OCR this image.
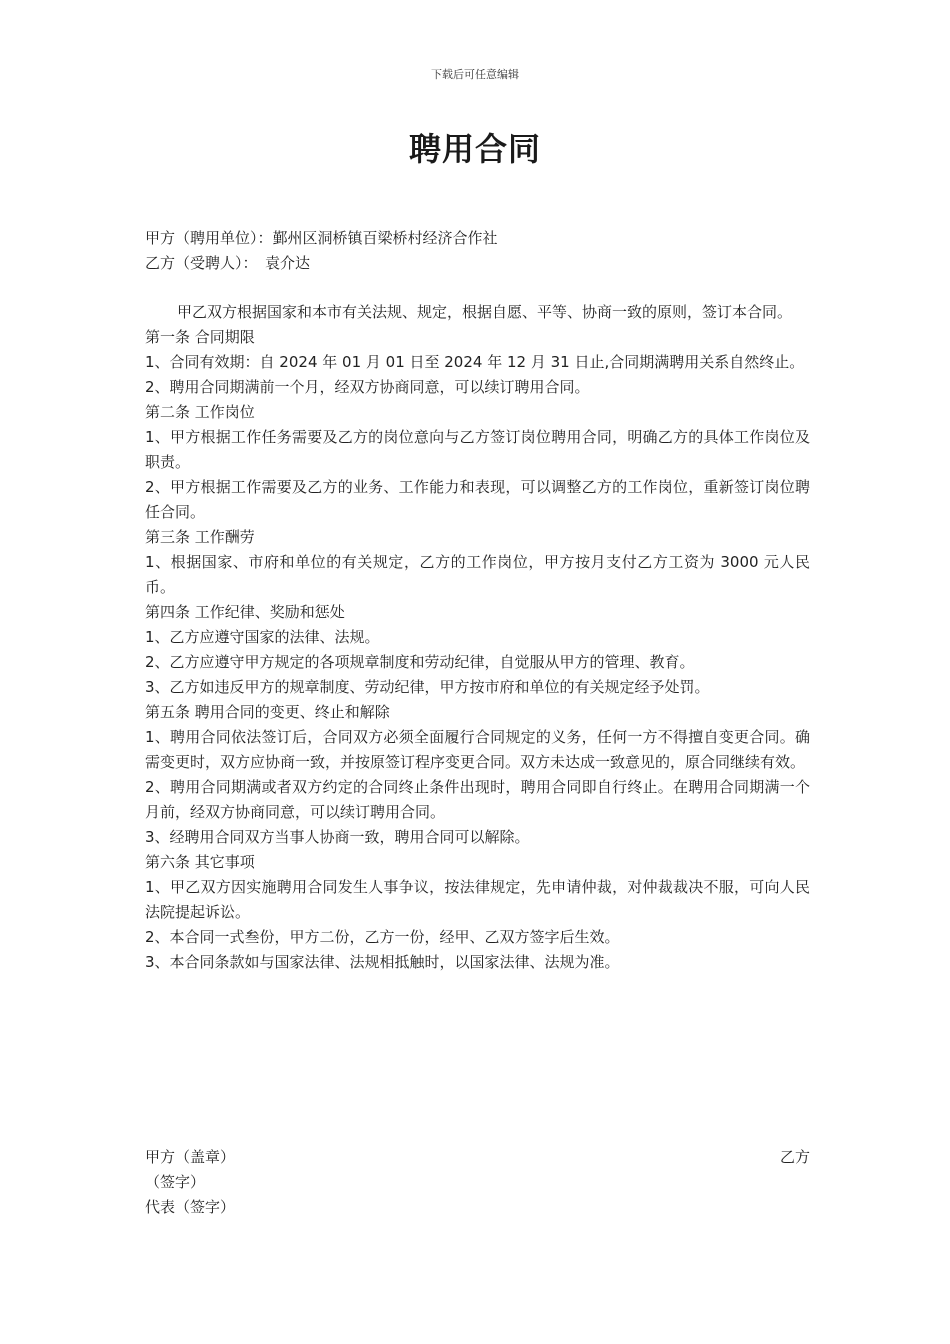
下载后可任意编辑
聘用合同
甲方（聘用单位）：鄞州区洞桥镇百梁桥村经济合作社
乙方（受聘人）：　袁介达
甲乙双方根据国家和本市有关法规、规定，根据自愿、平等、协商一致的原则，签订本合同。
第一条 合同期限
1、合同有效期：自 2024 年 01 月 01 日至 2024 年 12 月 31 日止,合同期满聘用关系自然终止。
2、聘用合同期满前一个月，经双方协商同意，可以续订聘用合同。
第二条 工作岗位
1、甲方根据工作任务需要及乙方的岗位意向与乙方签订岗位聘用合同，明确乙方的具体工作岗位及职责。
2、甲方根据工作需要及乙方的业务、工作能力和表现，可以调整乙方的工作岗位，重新签订岗位聘任合同。
第三条 工作酬劳
1、根据国家、市府和单位的有关规定，乙方的工作岗位，甲方按月支付乙方工资为 3000 元人民币。
第四条 工作纪律、奖励和惩处
1、乙方应遵守国家的法律、法规。
2、乙方应遵守甲方规定的各项规章制度和劳动纪律，自觉服从甲方的管理、教育。
3、乙方如违反甲方的规章制度、劳动纪律，甲方按市府和单位的有关规定经予处罚。
第五条 聘用合同的变更、终止和解除
1、聘用合同依法签订后，合同双方必须全面履行合同规定的义务，任何一方不得擅自变更合同。确需变更时，双方应协商一致，并按原签订程序变更合同。双方未达成一致意见的，原合同继续有效。
2、聘用合同期满或者双方约定的合同终止条件出现时，聘用合同即自行终止。在聘用合同期满一个月前，经双方协商同意，可以续订聘用合同。
3、经聘用合同双方当事人协商一致，聘用合同可以解除。
第六条 其它事项
1、甲乙双方因实施聘用合同发生人事争议，按法律规定，先申请仲裁，对仲裁裁决不服，可向人民法院提起诉讼。
2、本合同一式叁份，甲方二份，乙方一份，经甲、乙双方签字后生效。
3、本合同条款如与国家法律、法规相抵触时，以国家法律、法规为准。
甲方（盖章）	乙方
（签字）
代表（签字）
